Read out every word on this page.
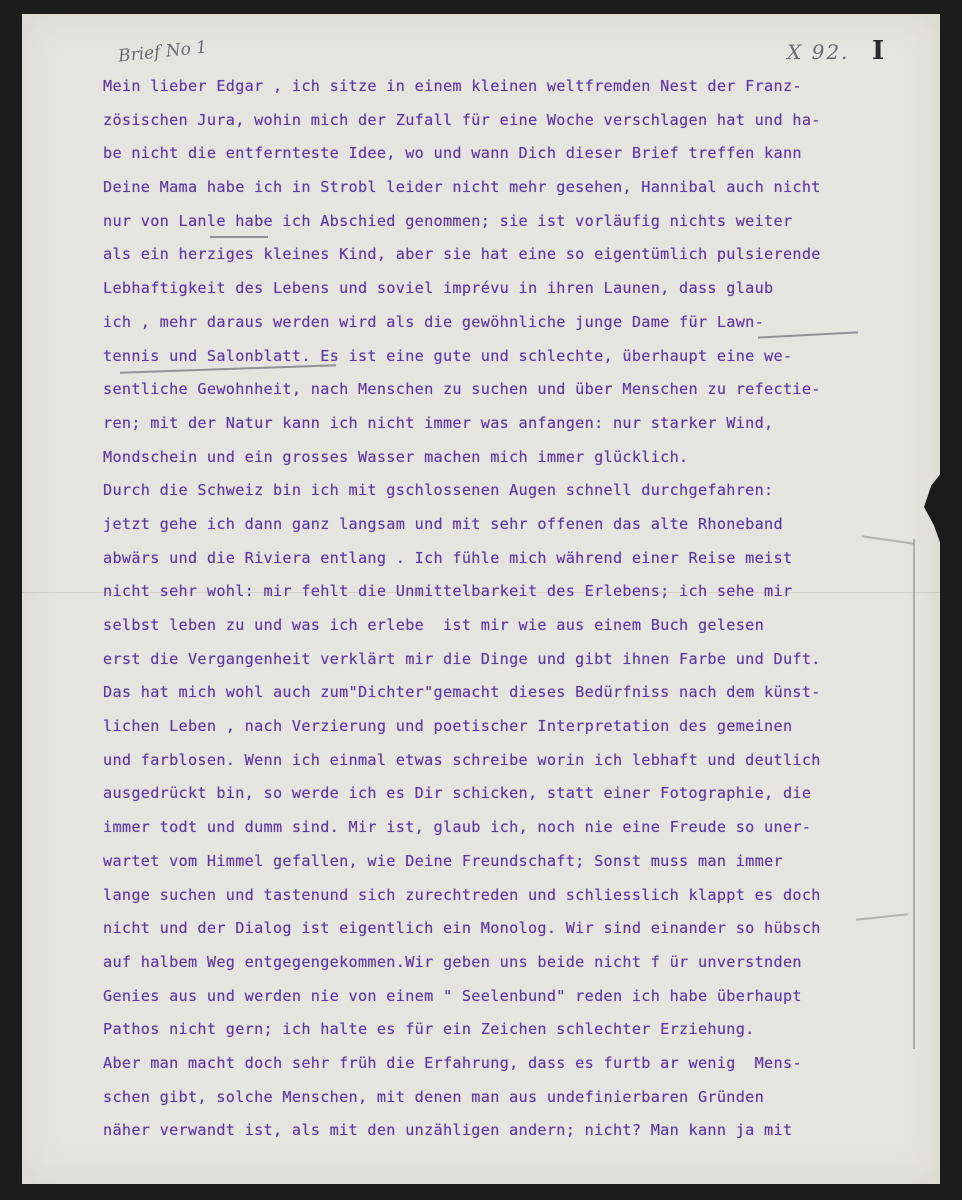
Brief No 1	X 92. I
Mein lieber Edgar , ich sitze in einem kleinen weltfremden Nest der Franz-
zösischen Jura, wohin mich der Zufall für eine Woche verschlagen hat und ha-
be nicht die entfernteste Idee, wo und wann Dich dieser Brief treffen kann
Deine Mama habe ich in Strobl leider nicht mehr gesehen, Hannibal auch nicht
nur von Lanle habe ich Abschied genommen; sie ist vorläufig nichts weiter
als ein herziges kleines Kind, aber sie hat eine so eigentümlich pulsierende
Lebhaftigkeit des Lebens und soviel imprévu in ihren Launen, dass glaub
ich , mehr daraus werden wird als die gewöhnliche junge Dame für Lawn-
tennis und Salonblatt. Es ist eine gute und schlechte, überhaupt eine we-
sentliche Gewohnheit, nach Menschen zu suchen und über Menschen zu refectie-
ren; mit der Natur kann ich nicht immer was anfangen: nur starker Wind,
Mondschein und ein grosses Wasser machen mich immer glücklich.
Durch die Schweiz bin ich mit gschlossenen Augen schnell durchgefahren:
jetzt gehe ich dann ganz langsam und mit sehr offenen das alte Rhoneband
abwärs und die Riviera entlang . Ich fühle mich während einer Reise meist
nicht sehr wohl: mir fehlt die Unmittelbarkeit des Erlebens; ich sehe mir
selbst leben zu und was ich erlebe  ist mir wie aus einem Buch gelesen
erst die Vergangenheit verklärt mir die Dinge und gibt ihnen Farbe und Duft.
Das hat mich wohl auch zum"Dichter"gemacht dieses Bedürfniss nach dem künst-
lichen Leben , nach Verzierung und poetischer Interpretation des gemeinen
und farblosen. Wenn ich einmal etwas schreibe worin ich lebhaft und deutlich
ausgedrückt bin, so werde ich es Dir schicken, statt einer Fotographie, die
immer todt und dumm sind. Mir ist, glaub ich, noch nie eine Freude so uner-
wartet vom Himmel gefallen, wie Deine Freundschaft; Sonst muss man immer
lange suchen und tastenund sich zurechtreden und schliesslich klappt es doch
nicht und der Dialog ist eigentlich ein Monolog. Wir sind einander so hübsch
auf halbem Weg entgegengekommen.Wir geben uns beide nicht f ür unverstnden
Genies aus und werden nie von einem " Seelenbund" reden ich habe überhaupt
Pathos nicht gern; ich halte es für ein Zeichen schlechter Erziehung.
Aber man macht doch sehr früh die Erfahrung, dass es furtb ar wenig  Mens-
schen gibt, solche Menschen, mit denen man aus undefinierbaren Gründen
näher verwandt ist, als mit den unzähligen andern; nicht? Man kann ja mit
